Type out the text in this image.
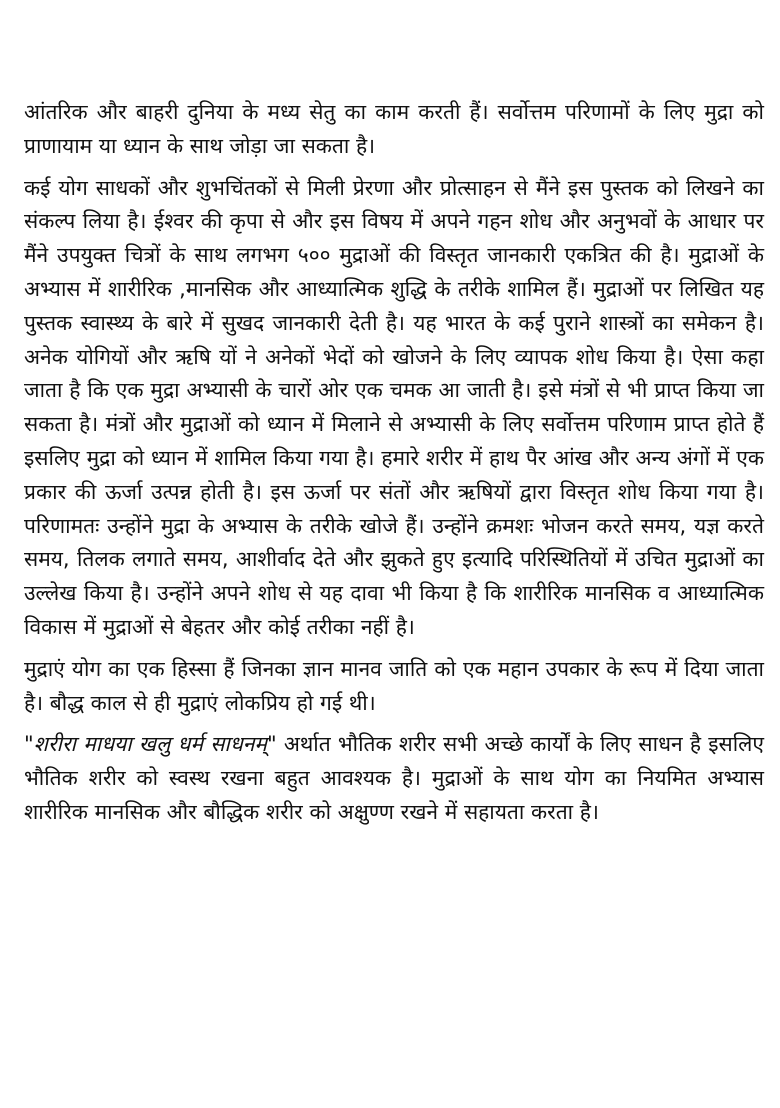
आंतरिक और बाहरी दुनिया के मध्य सेतु का काम करती हैं। सर्वोत्तम परिणामों के लिए मुद्रा को प्राणायाम या ध्यान के साथ जोड़ा जा सकता है।

कई योग साधकों और शुभचिंतकों से मिली प्रेरणा और प्रोत्साहन से मैंने इस पुस्तक को लिखने का संकल्प लिया है। ईश्वर की कृपा से और इस विषय में अपने गहन शोध और अनुभवों के आधार पर मैंने उपयुक्त चित्रों के साथ लगभग ५०० मुद्राओं की विस्तृत जानकारी एकत्रित की है। मुद्राओं के अभ्यास में शारीरिक ,मानसिक और आध्यात्मिक शुद्धि के तरीके शामिल हैं। मुद्राओं पर लिखित यह पुस्तक स्वास्थ्य के बारे में सुखद जानकारी देती है। यह भारत के कई पुराने शास्त्रों का समेकन है। अनेक योगियों और ऋषि यों ने अनेकों भेदों को खोजने के लिए व्यापक शोध किया है। ऐसा कहा जाता है कि एक मुद्रा अभ्यासी के चारों ओर एक चमक आ जाती है। इसे मंत्रों से भी प्राप्त किया जा सकता है। मंत्रों और मुद्राओं को ध्यान में मिलाने से अभ्यासी के लिए सर्वोत्तम परिणाम प्राप्त होते हैं इसलिए मुद्रा को ध्यान में शामिल किया गया है। हमारे शरीर में हाथ पैर आंख और अन्य अंगों में एक प्रकार की ऊर्जा उत्पन्न होती है। इस ऊर्जा पर संतों और ऋषियों द्वारा विस्तृत शोध किया गया है। परिणामतः उन्होंने मुद्रा के अभ्यास के तरीके खोजे हैं। उन्होंने क्रमशः भोजन करते समय, यज्ञ करते समय, तिलक लगाते समय, आशीर्वाद देते और झुकते हुए इत्यादि परिस्थितियों में उचित मुद्राओं का उल्लेख किया है। उन्होंने अपने शोध से यह दावा भी किया है कि शारीरिक मानसिक व आध्यात्मिक विकास में मुद्राओं से बेहतर और कोई तरीका नहीं है।

मुद्राएं योग का एक हिस्सा हैं जिनका ज्ञान मानव जाति को एक महान उपकार के रूप में दिया जाता है। बौद्ध काल से ही मुद्राएं लोकप्रिय हो गई थी।

"शरीरा माधया खलु धर्म साधनम्" अर्थात भौतिक शरीर सभी अच्छे कार्यों के लिए साधन है इसलिए भौतिक शरीर को स्वस्थ रखना बहुत आवश्यक है। मुद्राओं के साथ योग का नियमित अभ्यास शारीरिक मानसिक और बौद्धिक शरीर को अक्षुण्ण रखने में सहायता करता है।
